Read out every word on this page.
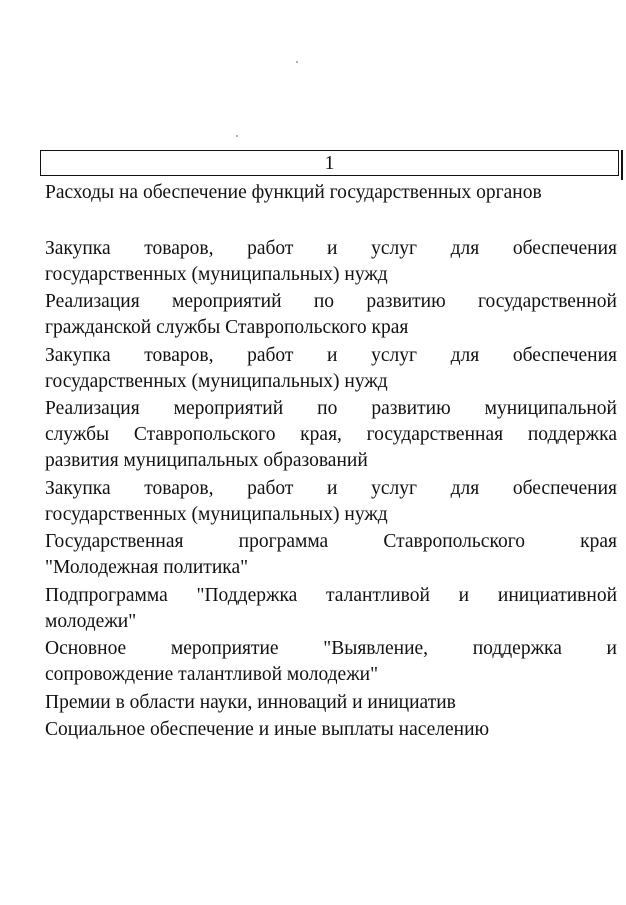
1
Расходы на обеспечение функций государственных органов
Закупка товаров, работ и услуг для обеспечения
государственных (муниципальных) нужд
Реализация мероприятий по развитию государственной
гражданской службы Ставропольского края
Закупка товаров, работ и услуг для обеспечения
государственных (муниципальных) нужд
Реализация мероприятий по развитию муниципальной
службы Ставропольского края, государственная поддержка
развития муниципальных образований
Закупка товаров, работ и услуг для обеспечения
государственных (муниципальных) нужд
Государственная программа Ставропольского края
"Молодежная политика"
Подпрограмма "Поддержка талантливой и инициативной
молодежи"
Основное мероприятие "Выявление, поддержка и
сопровождение талантливой молодежи"
Премии в области науки, инноваций и инициатив
Социальное обеспечение и иные выплаты населению
